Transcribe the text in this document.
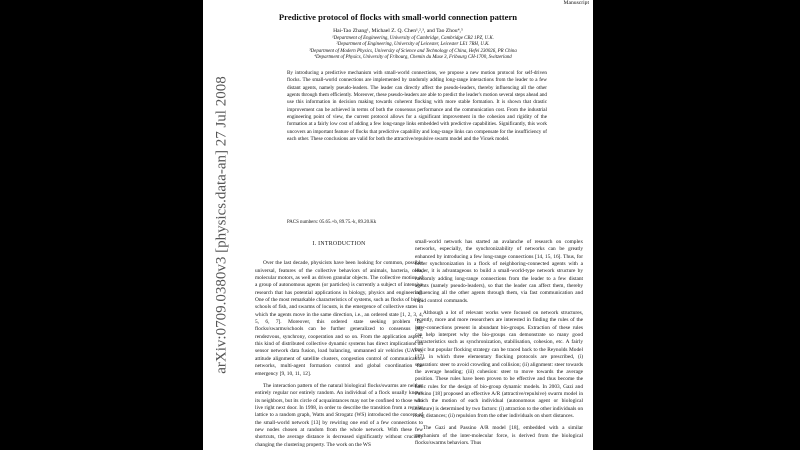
arXiv:0709.0380v3 [physics.data-an] 27 Jul 2008
Manuscript
Predictive protocol of flocks with small-world connection pattern
Hai-Tao Zhang¹, Michael Z. Q. Chen¹,²,³, and Tao Zhou⁴,⁵
¹Department of Engineering, University of Cambridge, Cambridge CB2 1PZ, U.K.
²Department of Engineering, University of Leicester, Leicester LE1 7RH, U.K.
³Department of Modern Physics, University of Science and Technology of China, Hefei 230026, PR China
⁴Department of Physics, University of Fribourg, Chemin du Muse 3, Fribourg CH-1700, Switzerland
By introducing a predictive mechanism with small-world connections, we propose a new motion protocol for self-driven flocks. The small-world connections are implemented by randomly adding long-range interactions from the leader to a few distant agents, namely pseudo-leaders. The leader can directly affect the pseudo-leaders, thereby influencing all the other agents through them efficiently. Moreover, these pseudo-leaders are able to predict the leader's motion several steps ahead and use this information in decision making towards coherent flocking with more stable formation. It is shown that drastic improvement can be achieved in terms of both the consensus performance and the communication cost. From the industrial engineering point of view, the current protocol allows for a significant improvement in the cohesion and rigidity of the formation at a fairly low cost of adding a few long-range links embedded with predictive capabilities. Significantly, this work uncovers an important feature of flocks that predictive capability and long-range links can compensate for the insufficiency of each other. These conclusions are valid for both the attractive/repulsive swarm model and the Vicsek model.
PACS numbers: 05.65.+b, 89.75.-k, 89.20.Kk
I. INTRODUCTION

Over the last decade, physicists have been looking for common, possibly universal, features of the collective behaviors of animals, bacteria, cells, molecular motors, as well as driven granular objects. The collective motion of a group of autonomous agents (or particles) is currently a subject of intensive research that has potential applications in biology, physics and engineering. One of the most remarkable characteristics of systems, such as flocks of birds, schools of fish, and swarms of locusts, is the emergence of collective states in which the agents move in the same direction, i.e., an ordered state [1, 2, 3, 4, 5, 6, 7]. Moreover, this ordered state seeking problem for flocks/swarms/schools can be further generalized to consensus [8], rendezvous, synchrony, cooperation and so on. From the application aspect, this kind of distributed collective dynamic systems has direct implications on sensor network data fusion, load balancing, unmanned air vehicles (UAVs), attitude alignment of satellite clusters, congestion control of communication networks, multi-agent formation control and global coordination for emergency [9, 10, 11, 12].

The interaction pattern of the natural biological flocks/swarms are neither entirely regular nor entirely random. An individual of a flock usually knows its neighbors, but its circle of acquaintances may not be confined to those who live right next door. In 1998, in order to describe the transition from a regular lattice to a random graph, Watts and Strogatz (WS) introduced the concept of the small-world network [13] by rewiring one end of a few connections to new nodes chosen at random from the whole network. With these few shortcuts, the average distance is decreased significantly without crucially changing the clustering property. The work on the WS

small-world network has started an avalanche of research on complex networks, especially, the synchronizability of networks can be greatly enhanced by introducing a few long-range connections [14, 15, 16]. Thus, for better synchronization in a flock of neighboring-connected agents with a leader, it is advantageous to build a small-world-type network structure by randomly adding long-range connections from the leader to a few distant agents (namely pseudo-leaders), so that the leader can affect them, thereby influencing all the other agents through them, via fast communication and rapid control commands.

Although a lot of relevant works were focused on network structures, recently, more and more researchers are interested in finding the rules of the inter-connections present in abundant bio-groups. Extraction of these rules can help interpret why the bio-groups can demonstrate so many good characteristics such as synchronization, stabilisation, cohesion, etc. A fairly basic but popular flocking strategy can be traced back to the Reynolds Model [17], in which three elementary flocking protocols are prescribed, (i) separation: steer to avoid crowding and collision; (ii) alignment: steer towards the average heading; (iii) cohesion: steer to move towards the average position. These rules have been proven to be effective and thus become the basic rules for the design of bio-group dynamic models. In 2003, Gazi and Passino [18] proposed an effective A/R (attractive/repulsive) swarm model in which the motion of each individual (autonomous agent or biological creature) is determined by two factors: (i) attraction to the other individuals on long distances; (ii) repulsion from the other individuals on short distances.

The Gazi and Passino A/R model [18], embedded with a similar mechanism of the inter-molecular force, is derived from the biological flocks/swarms behaviors. Thus
